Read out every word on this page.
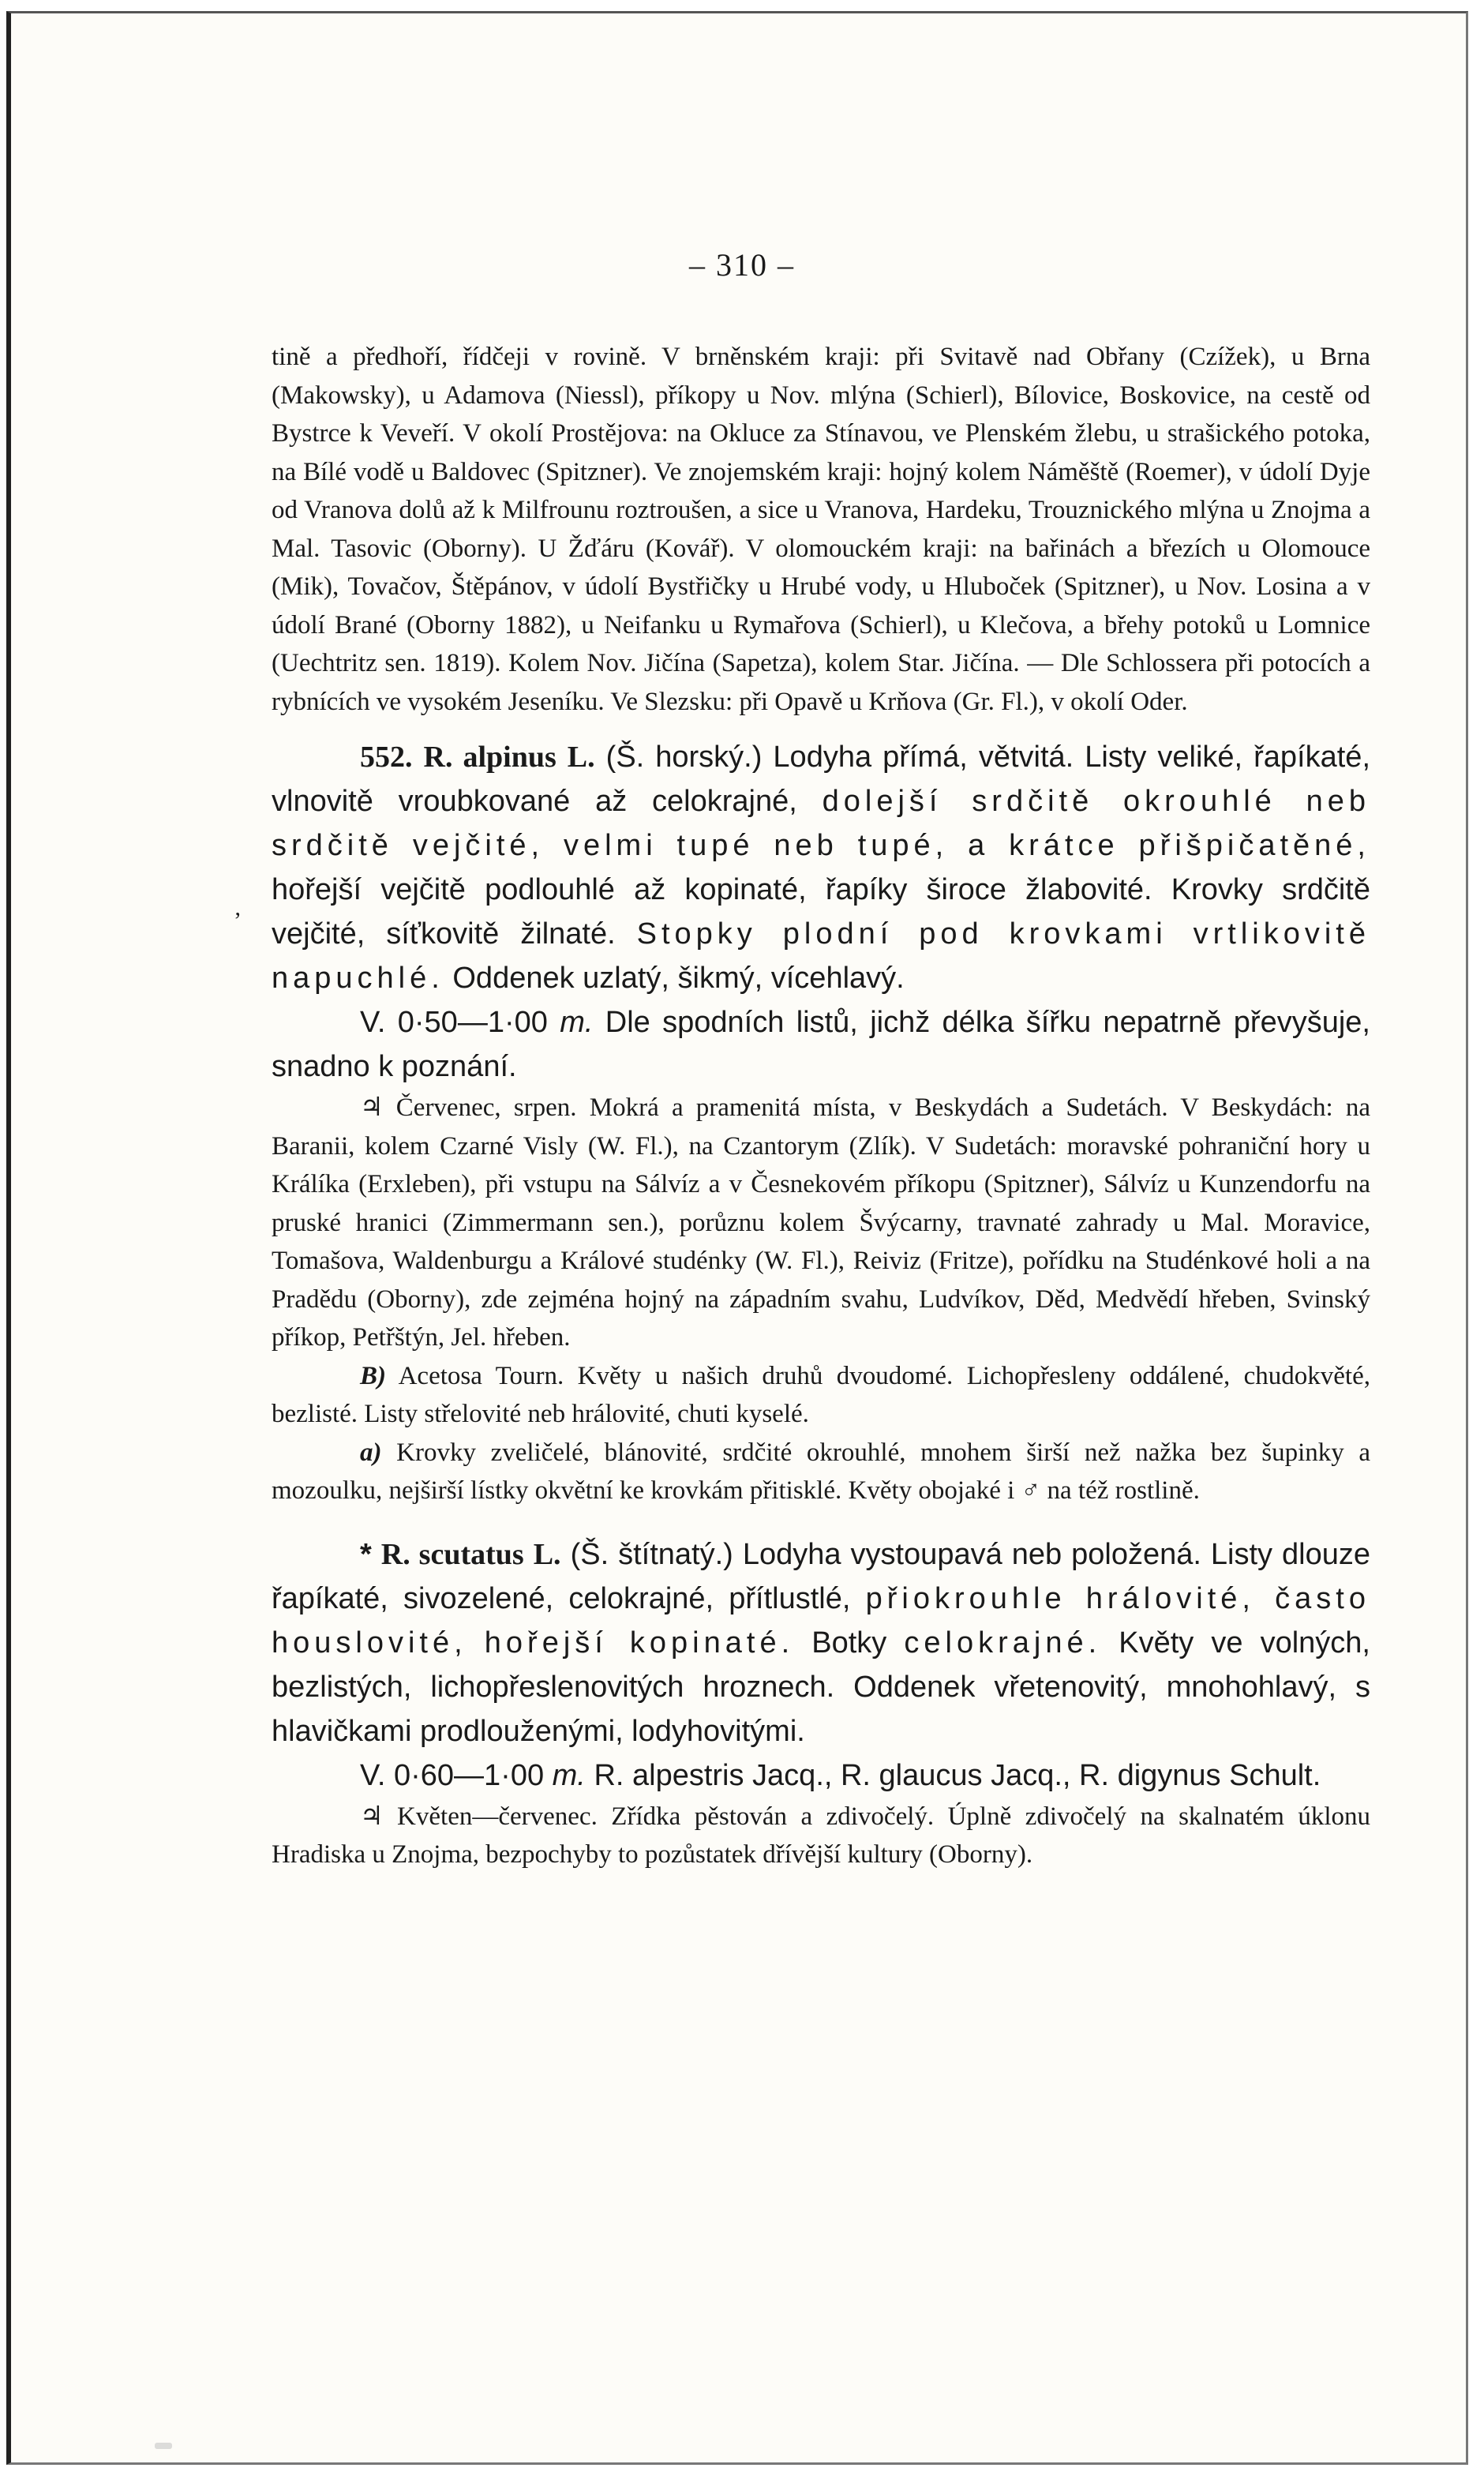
– 310 –
ʼ

tině a předhoří, řídčeji v rovině. V brněnském kraji: při Svitavě nad Obřany (Czížek), u Brna (Makowsky), u Adamova (Niessl), příkopy u Nov. mlýna (Schierl), Bílovice, Boskovice, na cestě od Bystrce k Veveří. V okolí Prostějova: na Okluce za Stínavou, ve Plenském žlebu, u strašického potoka, na Bílé vodě u Baldovec (Spitzner). Ve znojemském kraji: hojný kolem Náměště (Roemer), v údolí Dyje od Vranova dolů až k Milfrounu roztroušen, a sice u Vranova, Hardeku, Trouznického mlýna u Znojma a Mal. Tasovic (Oborny). U Žďáru (Kovář). V olomouckém kraji: na bařinách a březích u Olomouce (Mik), Tovačov, Štěpánov, v údolí Bystřičky u Hrubé vody, u Hluboček (Spitzner), u Nov. Losina a v údolí Brané (Oborny 1882), u Neifanku u Rymařova (Schierl), u Klečova, a břehy potoků u Lomnice (Uechtritz sen. 1819). Kolem Nov. Jičína (Sapetza), kolem Star. Jičína. — Dle Schlossera při potocích a rybnících ve vysokém Jeseníku. Ve Slezsku: při Opavě u Krňova (Gr. Fl.), v okolí Oder.

552. R. alpinus L. (Š. horský.) Lodyha přímá, větvitá. Listy veliké, řapíkaté, vlnovitě vroubkované až celokrajné, dolejší srdčitě okrouhlé neb srdčitě vejčité, velmi tupé neb tupé, a krátce přišpičatěné, hořejší vejčitě podlouhlé až kopinaté, řapíky široce žlabovité. Krovky srdčitě vejčité, síťkovitě žilnaté. Stopky plodní pod krovkami vrtlikovitě napuchlé. Oddenek uzlatý, šikmý, vícehlavý.

V. 0·50—1·00 m. Dle spodních listů, jichž délka šířku nepatrně převyšuje, snadno k poznání.

♃ Červenec, srpen. Mokrá a pramenitá místa, v Beskydách a Sudetách. V Beskydách: na Baranii, kolem Czarné Visly (W. Fl.), na Czantorym (Zlík). V Sudetách: moravské pohraniční hory u Králíka (Erxleben), při vstupu na Sálvíz a v Česnekovém příkopu (Spitzner), Sálvíz u Kunzendorfu na pruské hranici (Zimmermann sen.), porůznu kolem Švýcarny, travnaté zahrady u Mal. Moravice, Tomašova, Waldenburgu a Králové studénky (W. Fl.), Reiviz (Fritze), pořídku na Studénkové holi a na Pradědu (Oborny), zde zejména hojný na západním svahu, Ludvíkov, Děd, Medvědí hřeben, Svinský příkop, Petřštýn, Jel. hřeben.

B) Acetosa Tourn. Květy u našich druhů dvoudomé. Lichopřesleny oddálené, chudokvěté, bezlisté. Listy střelovité neb hrálovité, chuti kyselé.

a) Krovky zveličelé, blánovité, srdčité okrouhlé, mnohem širší než nažka bez šupinky a mozoulku, nejširší lístky okvětní ke krovkám přitisklé. Květy obojaké i ♂ na též rostlině.

* R. scutatus L. (Š. štítnatý.) Lodyha vystoupavá neb položená. Listy dlouze řapíkaté, sivozelené, celokrajné, přítlustlé, přiokrouhle hrálovité, často houslovité, hořejší kopinaté. Botky celokrajné. Květy ve volných, bezlistých, lichopřeslenovitých hroznech. Oddenek vřetenovitý, mnohohlavý, s hlavičkami prodlouženými, lodyhovitými.

V. 0·60—1·00 m. R. alpestris Jacq., R. glaucus Jacq., R. digynus Schult.

♃ Květen—červenec. Zřídka pěstován a zdivočelý. Úplně zdivočelý na skalnatém úklonu Hradiska u Znojma, bezpochyby to pozůstatek dřívější kultury (Oborny).
